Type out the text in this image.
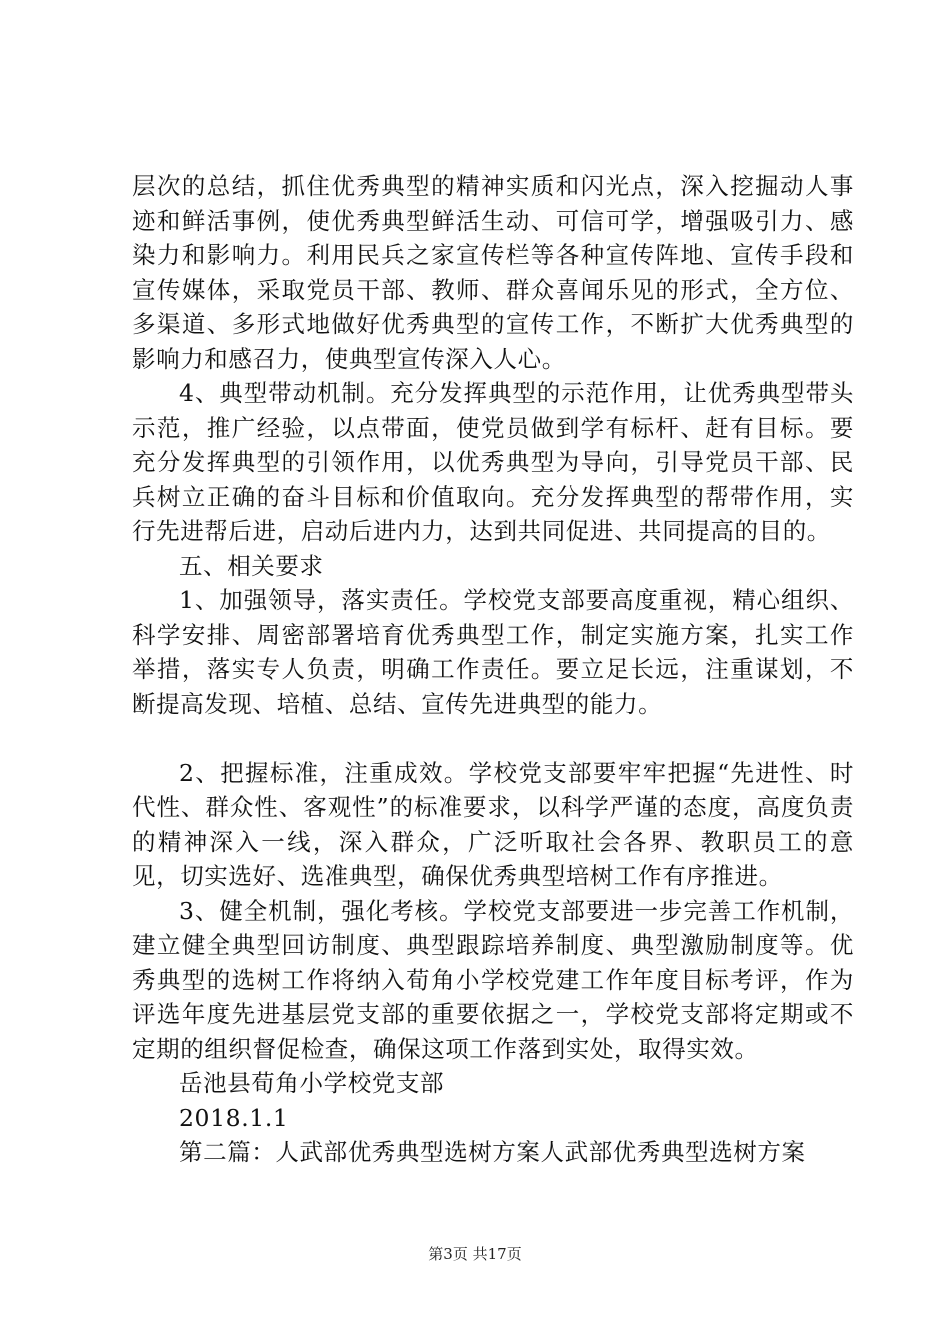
层次的总结，抓住优秀典型的精神实质和闪光点，深入挖掘动人事迹和鲜活事例，使优秀典型鲜活生动、可信可学，增强吸引力、感染力和影响力。利用民兵之家宣传栏等各种宣传阵地、宣传手段和宣传媒体，采取党员干部、教师、群众喜闻乐见的形式，全方位、多渠道、多形式地做好优秀典型的宣传工作，不断扩大优秀典型的影响力和感召力，使典型宣传深入人心。

4、典型带动机制。充分发挥典型的示范作用，让优秀典型带头示范，推广经验，以点带面，使党员做到学有标杆、赶有目标。要充分发挥典型的引领作用，以优秀典型为导向，引导党员干部、民兵树立正确的奋斗目标和价值取向。充分发挥典型的帮带作用，实行先进帮后进，启动后进内力，达到共同促进、共同提高的目的。

五、相关要求

1、加强领导，落实责任。学校党支部要高度重视，精心组织、科学安排、周密部署培育优秀典型工作，制定实施方案，扎实工作举措，落实专人负责，明确工作责任。要立足长远，注重谋划，不断提高发现、培植、总结、宣传先进典型的能力。

2、把握标准，注重成效。学校党支部要牢牢把握“先进性、时代性、群众性、客观性”的标准要求，以科学严谨的态度，高度负责的精神深入一线，深入群众，广泛听取社会各界、教职员工的意见，切实选好、选准典型，确保优秀典型培树工作有序推进。

3、健全机制，强化考核。学校党支部要进一步完善工作机制，建立健全典型回访制度、典型跟踪培养制度、典型激励制度等。优秀典型的选树工作将纳入荀角小学校党建工作年度目标考评，作为评选年度先进基层党支部的重要依据之一，学校党支部将定期或不定期的组织督促检查，确保这项工作落到实处，取得实效。

岳池县荀角小学校党支部

2018.1.1

第二篇：人武部优秀典型选树方案人武部优秀典型选树方案

第3页 共17页
